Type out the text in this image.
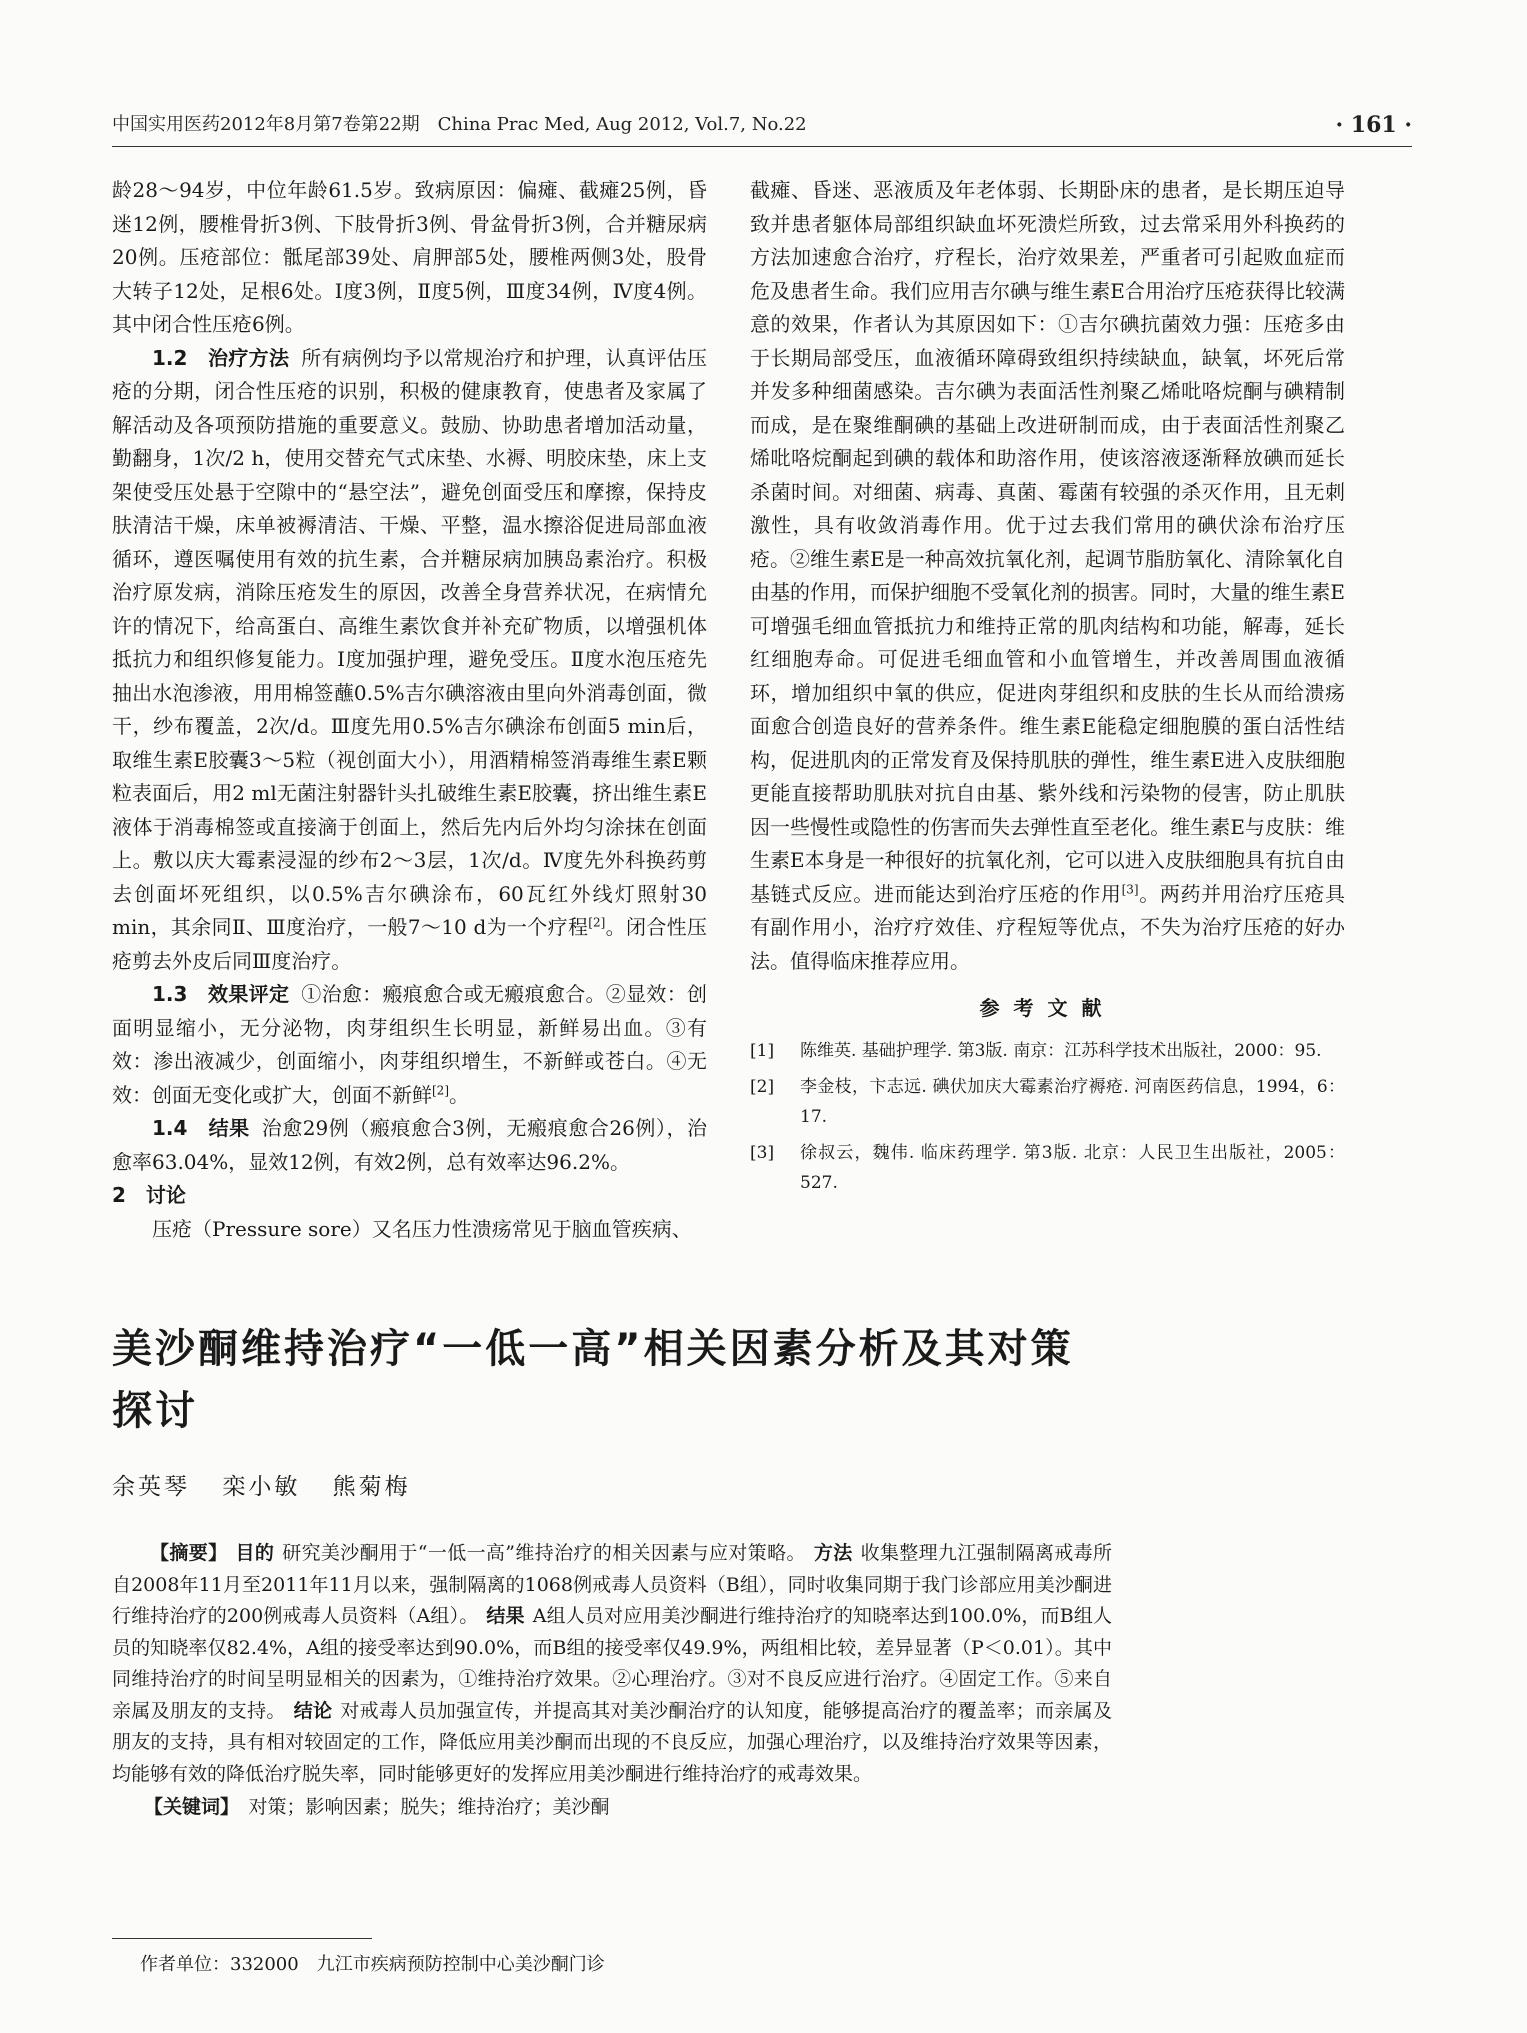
中国实用医药2012年8月第7卷第22期　China Prac Med, Aug 2012, Vol.7, No.22	· 161 ·

龄28～94岁，中位年龄61.5岁。致病原因：偏瘫、截瘫25例，昏迷12例，腰椎骨折3例、下肢骨折3例、骨盆骨折3例，合并糖尿病20例。压疮部位：骶尾部39处、肩胛部5处，腰椎两侧3处，股骨大转子12处，足根6处。Ⅰ度3例，Ⅱ度5例，Ⅲ度34例，Ⅳ度4例。其中闭合性压疮6例。

1.2　 治疗方法 所有病例均予以常规治疗和护理，认真评估压疮的分期，闭合性压疮的识别，积极的健康教育，使患者及家属了解活动及各项预防措施的重要意义。鼓励、协助患者增加活动量，勤翻身，1次/2 h，使用交替充气式床垫、水褥、明胶床垫，床上支架使受压处悬于空隙中的“悬空法”，避免创面受压和摩擦，保持皮肤清洁干燥，床单被褥清洁、干燥、平整，温水擦浴促进局部血液循环，遵医嘱使用有效的抗生素，合并糖尿病加胰岛素治疗。积极治疗原发病，消除压疮发生的原因，改善全身营养状况，在病情允许的情况下，给高蛋白、高维生素饮食并补充矿物质，以增强机体抵抗力和组织修复能力。Ⅰ度加强护理，避免受压。Ⅱ度水泡压疮先抽出水泡渗液，用用棉签蘸0.5%吉尔碘溶液由里向外消毒创面，微干，纱布覆盖，2次/d。Ⅲ度先用0.5%吉尔碘涂布创面5 min后，取维生素E胶囊3～5粒（视创面大小），用酒精棉签消毒维生素E颗粒表面后，用2 ml无菌注射器针头扎破维生素E胶囊，挤出维生素E液体于消毒棉签或直接滴于创面上，然后先内后外均匀涂抹在创面上。敷以庆大霉素浸湿的纱布2～3层，1次/d。Ⅳ度先外科换药剪去创面坏死组织，以0.5%吉尔碘涂布，60瓦红外线灯照射30 min，其余同Ⅱ、Ⅲ度治疗，一般7～10 d为一个疗程[2]。闭合性压疮剪去外皮后同Ⅲ度治疗。

1.3　 效果评定 ①治愈：瘢痕愈合或无瘢痕愈合。②显效：创面明显缩小，无分泌物，肉芽组织生长明显，新鲜易出血。③有效：渗出液减少，创面缩小，肉芽组织增生，不新鲜或苍白。④无效：创面无变化或扩大，创面不新鲜[2]。

1.4　 结果 治愈29例（瘢痕愈合3例，无瘢痕愈合26例），治愈率63.04%，显效12例，有效2例，总有效率达96.2%。

2　 讨论

压疮（Pressure sore）又名压力性溃疡常见于脑血管疾病、

截瘫、昏迷、恶液质及年老体弱、长期卧床的患者，是长期压迫导致并患者躯体局部组织缺血坏死溃烂所致，过去常采用外科换药的方法加速愈合治疗，疗程长，治疗效果差，严重者可引起败血症而危及患者生命。我们应用吉尔碘与维生素E合用治疗压疮获得比较满意的效果，作者认为其原因如下：①吉尔碘抗菌效力强：压疮多由于长期局部受压，血液循环障碍致组织持续缺血，缺氧，坏死后常并发多种细菌感染。吉尔碘为表面活性剂聚乙烯吡咯烷酮与碘精制而成，是在聚维酮碘的基础上改进研制而成，由于表面活性剂聚乙烯吡咯烷酮起到碘的载体和助溶作用，使该溶液逐渐释放碘而延长杀菌时间。对细菌、病毒、真菌、霉菌有较强的杀灭作用，且无刺激性，具有收敛消毒作用。优于过去我们常用的碘伏涂布治疗压疮。②维生素E是一种高效抗氧化剂，起调节脂肪氧化、清除氧化自由基的作用，而保护细胞不受氧化剂的损害。同时，大量的维生素E可增强毛细血管抵抗力和维持正常的肌肉结构和功能，解毒，延长红细胞寿命。可促进毛细血管和小血管增生，并改善周围血液循环，增加组织中氧的供应，促进肉芽组织和皮肤的生长从而给溃疡面愈合创造良好的营养条件。维生素E能稳定细胞膜的蛋白活性结构，促进肌肉的正常发育及保持肌肤的弹性，维生素E进入皮肤细胞更能直接帮助肌肤对抗自由基、紫外线和污染物的侵害，防止肌肤因一些慢性或隐性的伤害而失去弹性直至老化。维生素E与皮肤：维生素E本身是一种很好的抗氧化剂，它可以进入皮肤细胞具有抗自由基链式反应。进而能达到治疗压疮的作用[3]。两药并用治疗压疮具有副作用小，治疗疗效佳、疗程短等优点，不失为治疗压疮的好办法。值得临床推荐应用。

参考文献

[1]	陈维英. 基础护理学. 第3版. 南京：江苏科学技术出版社，2000：95.

[2]	李金枝，卞志远. 碘伏加庆大霉素治疗褥疮. 河南医药信息，1994，6：17.

[3]	徐叔云，魏伟. 临床药理学. 第3版. 北京：人民卫生出版社，2005：527.

美沙酮维持治疗“一低一高”相关因素分析及其对策探讨
余英琴 栾小敏 熊菊梅

【摘要】 目的 研究美沙酮用于“一低一高”维持治疗的相关因素与应对策略。 方法 收集整理九江强制隔离戒毒所自2008年11月至2011年11月以来，强制隔离的1068例戒毒人员资料（B组），同时收集同期于我门诊部应用美沙酮进行维持治疗的200例戒毒人员资料（A组）。 结果 A组人员对应用美沙酮进行维持治疗的知晓率达到100.0%，而B组人员的知晓率仅82.4%，A组的接受率达到90.0%，而B组的接受率仅49.9%，两组相比较，差异显著（P＜0.01）。其中同维持治疗的时间呈明显相关的因素为，①维持治疗效果。②心理治疗。③对不良反应进行治疗。④固定工作。⑤来自亲属及朋友的支持。 结论 对戒毒人员加强宣传，并提高其对美沙酮治疗的认知度，能够提高治疗的覆盖率；而亲属及朋友的支持，具有相对较固定的工作，降低应用美沙酮而出现的不良反应，加强心理治疗，以及维持治疗效果等因素，均能够有效的降低治疗脱失率，同时能够更好的发挥应用美沙酮进行维持治疗的戒毒效果。

【关键词】　 对策；影响因素；脱失；维持治疗；美沙酮

作者单位：332000　九江市疾病预防控制中心美沙酮门诊
